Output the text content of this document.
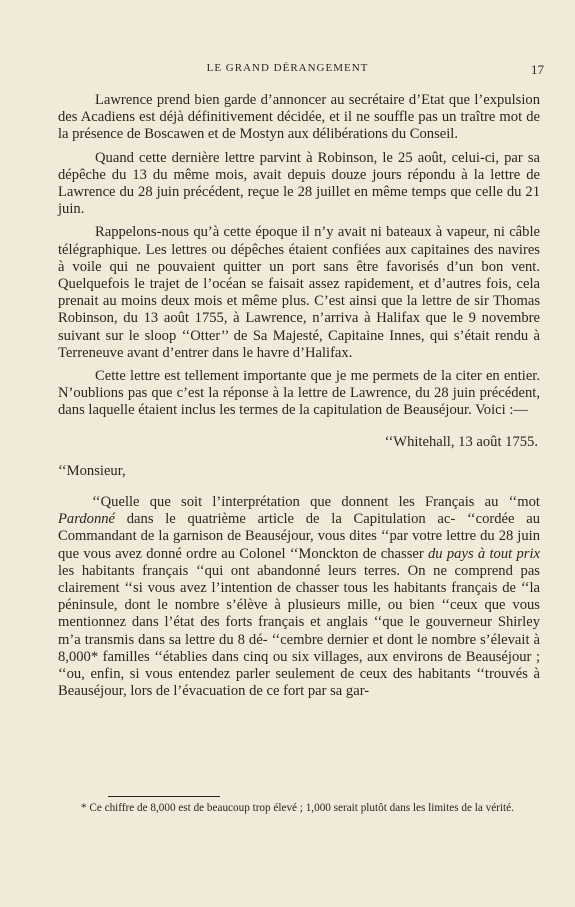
LE GRAND DÉRANGEMENT	17

Lawrence prend bien garde d’annoncer au secrétaire d’Etat que l’expulsion des Acadiens est déjà définitivement décidée, et il ne souffle pas un traître mot de la présence de Boscawen et de Mostyn aux délibérations du Conseil.

Quand cette dernière lettre parvint à Robinson, le 25 août, celui-ci, par sa dépêche du 13 du même mois, avait depuis douze jours répondu à la lettre de Lawrence du 28 juin précédent, reçue le 28 juillet en même temps que celle du 21 juin.

Rappelons-nous qu’à cette époque il n’y avait ni bateaux à vapeur, ni câble télégraphique. Les lettres ou dépêches étaient confiées aux capitaines des navires à voile qui ne pouvaient quitter un port sans être favorisés d’un bon vent. Quelquefois le trajet de l’océan se faisait assez rapidement, et d’autres fois, cela prenait au moins deux mois et même plus. C’est ainsi que la lettre de sir Thomas Robinson, du 13 août 1755, à Lawrence, n’arriva à Halifax que le 9 novembre suivant sur le sloop ‘‘Otter’’ de Sa Majesté, Capitaine Innes, qui s’était rendu à Terreneuve avant d’entrer dans le havre d’Halifax.

Cette lettre est tellement importante que je me permets de la citer en entier. N’oublions pas que c’est la réponse à la lettre de Lawrence, du 28 juin précédent, dans laquelle étaient inclus les termes de la capitulation de Beauséjour. Voici :—

‘‘Whitehall, 13 août 1755.

‘‘Monsieur,

‘‘Quelle que soit l’interprétation que donnent les Français au ‘‘mot Pardonné dans le quatrième article de la Capitulation ac- ‘‘cordée au Commandant de la garnison de Beauséjour, vous dites ‘‘par votre lettre du 28 juin que vous avez donné ordre au Colonel ‘‘Monckton de chasser du pays à tout prix les habitants français ‘‘qui ont abandonné leurs terres. On ne comprend pas clairement ‘‘si vous avez l’intention de chasser tous les habitants français de ‘‘la péninsule, dont le nombre s’élève à plusieurs mille, ou bien ‘‘ceux que vous mentionnez dans l’état des forts français et anglais ‘‘que le gouverneur Shirley m’a transmis dans sa lettre du 8 dé- ‘‘cembre dernier et dont le nombre s’élevait à 8,000* familles ‘‘établies dans cinq ou six villages, aux environs de Beauséjour ; ‘‘ou, enfin, si vous entendez parler seulement de ceux des habitants ‘‘trouvés à Beauséjour, lors de l’évacuation de ce fort par sa gar-

* Ce chiffre de 8,000 est de beaucoup trop élevé ; 1,000 serait plutôt dans les limites de la vérité.
